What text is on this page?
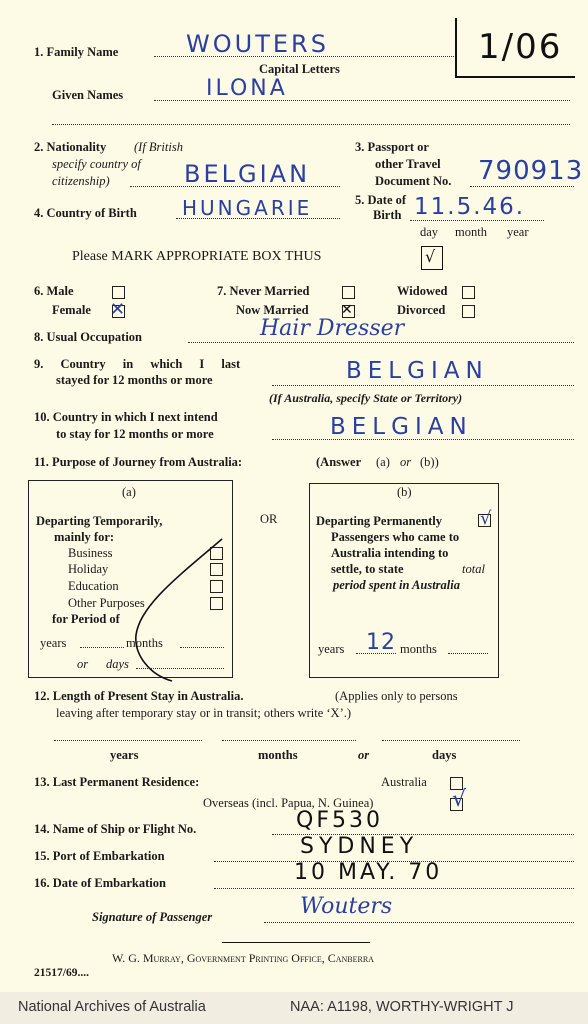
1/06
1. Family Name	WOUTERS
Capital Letters
Given Names	ILONA
2. Nationality (If British
specify country of
citizenship)	BELGIAN
3. Passport or
other Travel
Document No. 790913
4. Country of Birth HUNGARIE	5. Date of
Birth 11.5.46.
day month year
Please MARK APPROPRIATE BOX THUS	√
6. Male
Female ✕
7. Never Married
Now Married ✕
Widowed
Divorced
8. Usual Occupation	Hair Dresser
9. Country in which I last
stayed for 12 months or more	BELGIAN
(If Australia, specify State or Territory)
10. Country in which I next intend
to stay for 12 months or more	BELGIAN
11. Purpose of Journey from Australia:	(Answer (a) or (b))
(a)
Departing Temporarily,
mainly for:
Business
Holiday
Education
Other Purposes
for Period of
years	months
or days
OR
(b)
Departing Permanently √
Passengers who came to
Australia intending to
settle, to state	total
period spent in Australia
years 12 months
12. Length of Present Stay in Australia.	(Applies only to persons
leaving after temporary stay or in transit; others write ‘X’.)
years	months	or	days
13. Last Permanent Residence:	Australia
Overseas (incl. Papua, N. Guinea)	√
14. Name of Ship or Flight No.	QF530
15. Port of Embarkation	SYDNEY
16. Date of Embarkation	10 MAY. 70
Signature of Passenger	Wouters
W. G. Murray, Government Printing Office, Canberra
21517/69....
National Archives of Australia	NAA: A1198, WORTHY-WRIGHT J
